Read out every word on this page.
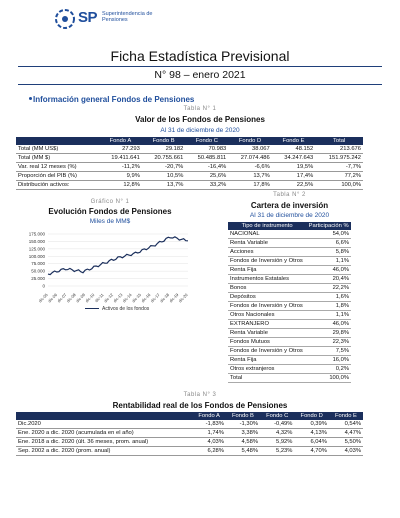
SP Superintendencia de
Pensiones
Ficha Estadística Previsional
N° 98 – enero 2021
Información general Fondos de Pensiones
Tabla N° 1
Valor de los Fondos de Pensiones
Al 31 de diciembre de 2020
	Fondo A	Fondo B	Fondo C	Fondo D	Fondo E	Total
Total (MM US$)	27.293	29.182	70.983	38.067	48.152	213.676
Total (MM $)	19.411.641	20.755.661	50.485.811	27.074.486	34.247.643	151.975.242
Var. real 12 meses (%)	-11,2%	-20,7%	-16,4%	-6,6%	19,5%	-7,7%
Proporción del PIB (%)	9,9%	10,5%	25,6%	13,7%	17,4%	77,2%
Distribución activos:	12,8%	13,7%	33,2%	17,8%	22,5%	100,0%
Gráfico N° 1
Evolución Fondos de Pensiones
Miles de MM$
175.000
150.000
125.000
100.000
75.000
50.000
25.000
0
dic-05
dic-06
dic-07
dic-08
dic-09
dic-10
dic-11
dic-12
dic-13
dic-14
dic-15
dic-16
dic-17
dic-18
dic-19
dic-20
Activos de los fondos
Tabla N° 2
Cartera de inversión
Al 31 de diciembre de 2020
Tipo de instrumento	Participación %
NACIONAL	54,0%
Renta Variable	6,6%
Acciones	5,8%
Fondos de Inversión y Otros	1,1%
Renta Fija	46,0%
Instrumentos Estatales	20,4%
Bonos	22,2%
Depósitos	1,6%
Fondos de Inversión y Otros	1,8%
Otros Nacionales	1,1%
EXTRANJERO	46,0%
Renta Variable	29,8%
Fondos Mutuos	22,3%
Fondos de Inversión y Otros	7,5%
Renta Fija	16,0%
Otros extranjeros	0,2%
Total	100,0%
Tabla N° 3
Rentabilidad real de los Fondos de Pensiones
	Fondo A	Fondo B	Fondo C	Fondo D	Fondo E
Dic.2020	-1,83%	-1,30%	-0,49%	0,39%	0,54%
Ene. 2020 a dic. 2020 (acumulada en el año)	1,74%	3,38%	4,32%	4,13%	4,47%
Ene. 2018 a dic. 2020 (últ. 36 meses, prom. anual)	4,03%	4,58%	5,92%	6,04%	5,50%
Sep. 2002 a dic. 2020 (prom. anual)	6,28%	5,48%	5,23%	4,70%	4,03%
